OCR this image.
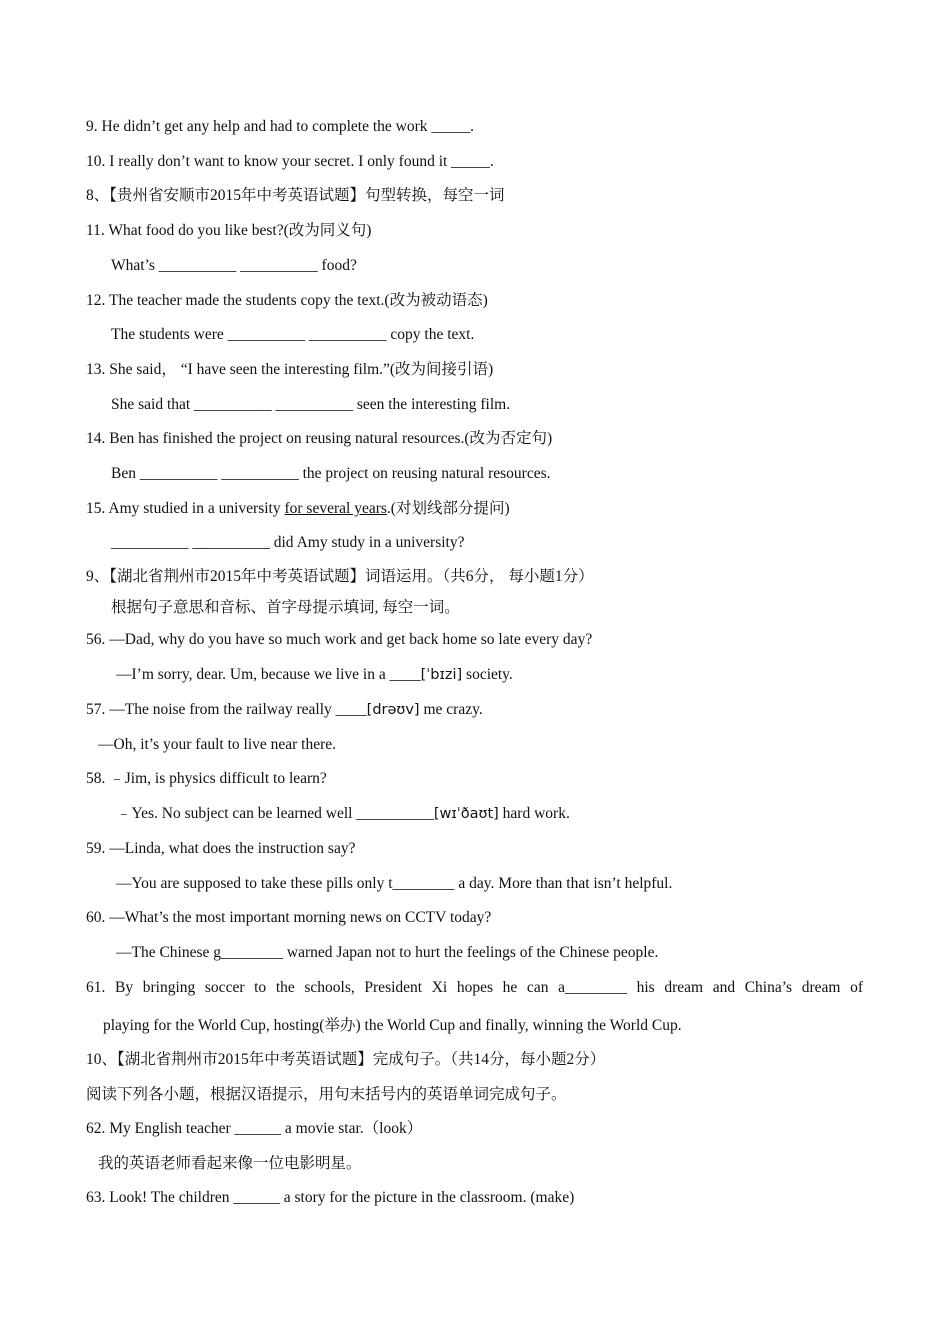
9. He didn’t get any help and had to complete the work _____.
10. I really don’t want to know your secret. I only found it _____.
8、【贵州省安顺市2015年中考英语试题】句型转换，每空一词
11. What food do you like best?(改为同义句)
What’s __________ __________ food?
12. The teacher made the students copy the text.(改为被动语态)
The students were __________ __________ copy the text.
13. She said， “I have seen the interesting film.”(改为间接引语)
She said that __________ __________ seen the interesting film.
14. Ben has finished the project on reusing natural resources.(改为否定句)
Ben __________ __________ the project on reusing natural resources.
15. Amy studied in a university for several years.(对划线部分提问)
__________ __________ did Amy study in a university?
9、【湖北省荆州市2015年中考英语试题】词语运用。（共6分， 每小题1分）
根据句子意思和音标、首字母提示填词, 每空一词。
56. —Dad, why do you have so much work and get back home so late every day?
—I’m sorry, dear. Um, because we live in a ____[ˈbɪzi] society.
57. —The noise from the railway really ____[drəʊv] me crazy.
—Oh, it’s your fault to live near there.
58. ﹣Jim, is physics difficult to learn?
﹣Yes. No subject can be learned well __________[wɪˈðaʊt] hard work.
59. —Linda, what does the instruction say?
—You are supposed to take these pills only t________ a day. More than that isn’t helpful.
60. —What’s the most important morning news on CCTV today?
—The Chinese g________ warned Japan not to hurt the feelings of the Chinese people.
61. By bringing soccer to the schools, President Xi hopes he can a________ his dream and China’s dream of
playing for the World Cup, hosting(举办) the World Cup and finally, winning the World Cup.
10、【湖北省荆州市2015年中考英语试题】完成句子。（共14分，每小题2分）
阅读下列各小题，根据汉语提示，用句末括号内的英语单词完成句子。
62. My English teacher ______ a movie star.（look）
我的英语老师看起来像一位电影明星。
63. Look! The children ______ a story for the picture in the classroom. (make)
